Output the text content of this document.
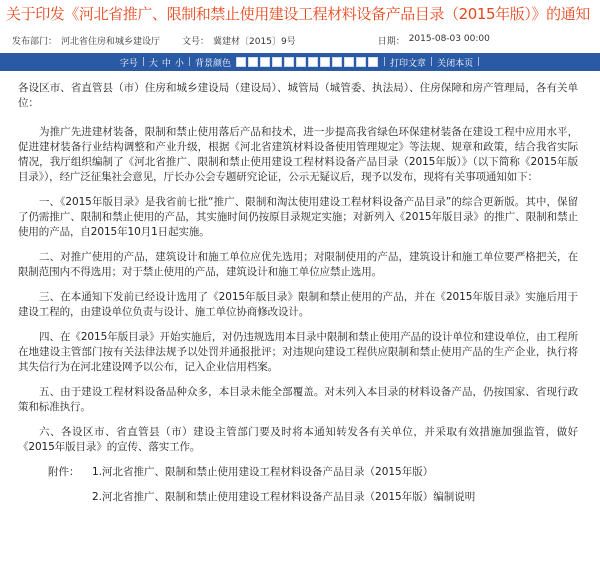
关于印发《河北省推广、限制和禁止使用建设工程材料设备产品目录（2015年版）》的通知
发布部门： 河北省住房和城乡建设厅 文号： 冀建材〔2015〕9号	日期： 2015-08-03 00:00
字号 | 大 中 小 | 背景颜色	| 打印文章 | 关闭本页 |

各设区市、省直管县（市）住房和城乡建设局（建设局）、城管局（城管委、执法局）、住房保障和房产管理局，各有关单位：

为推广先进建材装备，限制和禁止使用落后产品和技术，进一步提高我省绿色环保建材装备在建设工程中应用水平，促进建材装备行业结构调整和产业升级，根据《河北省建筑材料设备使用管理规定》等法规、规章和政策，结合我省实际情况，我厅组织编制了《河北省推广、限制和禁止使用建设工程材料设备产品目录（2015年版）》（以下简称《2015年版目录》），经广泛征集社会意见，厅长办公会专题研究论证，公示无疑议后，现予以发布，现将有关事项通知如下：

一、《2015年版目录》是我省前七批“推广、限制和淘汰使用建设工程材料设备产品目录”的综合更新版。其中，保留了仍需推广、限制和禁止使用的产品，其实施时间仍按原目录规定实施；对新列入《2015年版目录》的推广、限制和禁止使用的产品，自2015年10月1日起实施。

二、对推广使用的产品，建筑设计和施工单位应优先选用；对限制使用的产品，建筑设计和施工单位要严格把关，在限制范围内不得选用；对于禁止使用的产品，建筑设计和施工单位应禁止选用。

三、在本通知下发前已经设计选用了《2015年版目录》限制和禁止使用的产品，并在《2015年版目录》实施后用于建设工程的，由建设单位负责与设计、施工单位协商修改设计。

四、在《2015年版目录》开始实施后，对仍违规选用本目录中限制和禁止使用产品的设计单位和建设单位，由工程所在地建设主管部门按有关法律法规予以处罚并通报批评；对违规向建设工程供应限制和禁止使用产品的生产企业，执行将其失信行为在河北建设网予以公布，记入企业信用档案。

五、由于建设工程材料设备品种众多，本目录未能全部覆盖。对未列入本目录的材料设备产品，仍按国家、省现行政策和标准执行。

六、各设区市、省直管县（市）建设主管部门要及时将本通知转发各有关单位，并采取有效措施加强监管，做好《2015年版目录》的宣传、落实工作。

附件：	1.河北省推广、限制和禁止使用建设工程材料设备产品目录（2015年版）
2.河北省推广、限制和禁止使用建设工程材料设备产品目录（2015年版）编制说明
